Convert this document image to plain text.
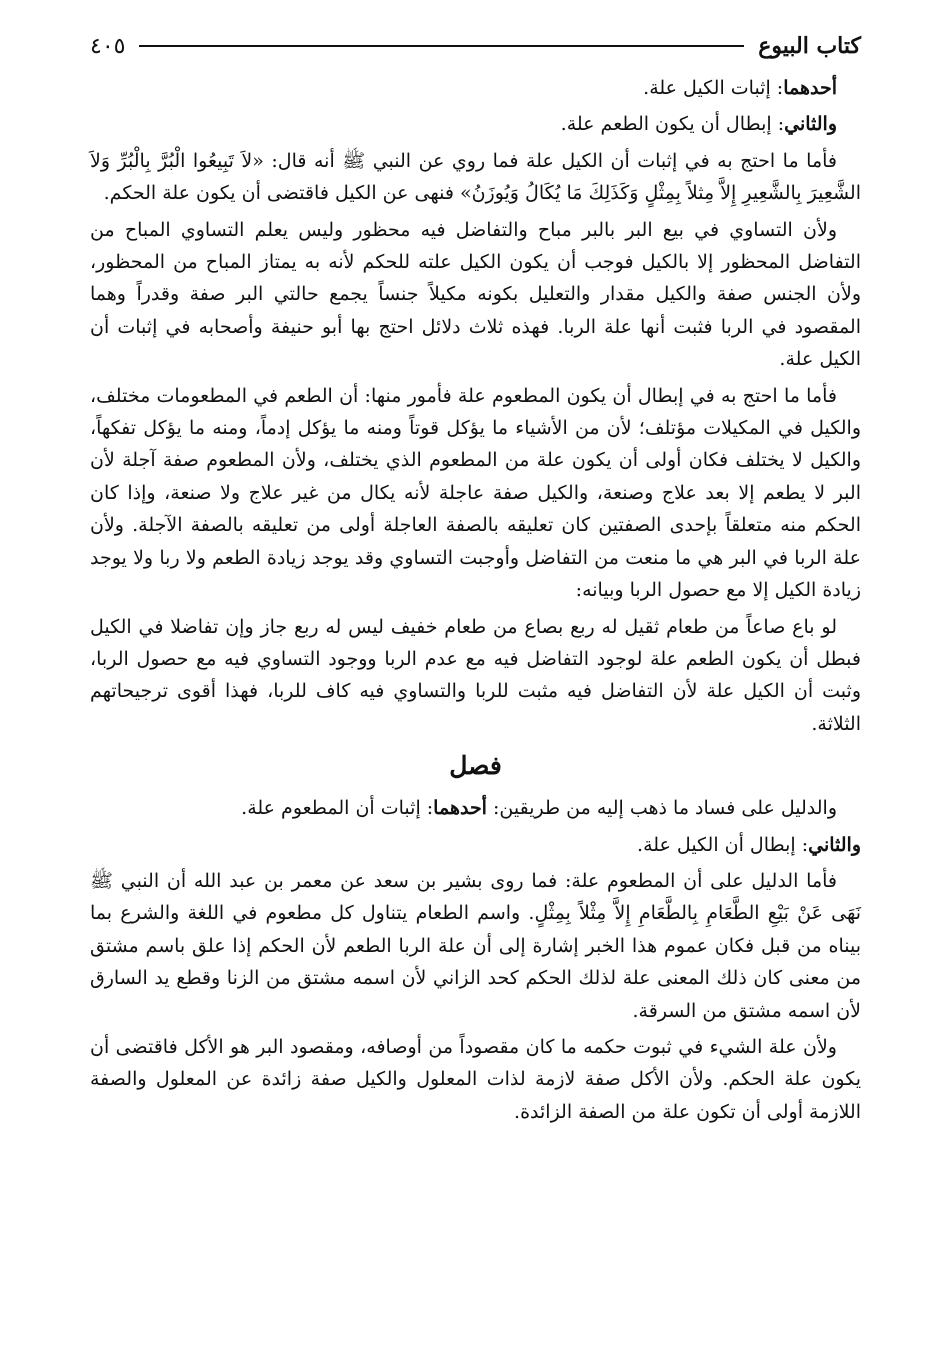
كتاب البيوع
٤٠٥

أحدهما: إثبات الكيل علة.

والثاني: إبطال أن يكون الطعم علة.

فأما ما احتج به في إثبات أن الكيل علة فما روي عن النبي ﷺ أنه قال: «لاَ تَبِيعُوا الْبُرَّ بِالْبُرِّ وَلاَ الشَّعِيرَ بِالشَّعِيرِ إِلاَّ مِثلاً بِمِثْلٍ وَكَذَلِكَ مَا يُكَالُ وَيُوزَنُ» فنهى عن الكيل فاقتضى أن يكون علة الحكم.

ولأن التساوي في بيع البر بالبر مباح والتفاضل فيه محظور وليس يعلم التساوي المباح من التفاضل المحظور إلا بالكيل فوجب أن يكون الكيل علته للحكم لأنه به يمتاز المباح من المحظور، ولأن الجنس صفة والكيل مقدار والتعليل بكونه مكيلاً جنساً يجمع حالتي البر صفة وقدراً وهما المقصود في الربا فثبت أنها علة الربا. فهذه ثلاث دلائل احتج بها أبو حنيفة وأصحابه في إثبات أن الكيل علة.

فأما ما احتج به في إبطال أن يكون المطعوم علة فأمور منها: أن الطعم في المطعومات مختلف، والكيل في المكيلات مؤتلف؛ لأن من الأشياء ما يؤكل قوتاً ومنه ما يؤكل إدماً، ومنه ما يؤكل تفكهاً، والكيل لا يختلف فكان أولى أن يكون علة من المطعوم الذي يختلف، ولأن المطعوم صفة آجلة لأن البر لا يطعم إلا بعد علاج وصنعة، والكيل صفة عاجلة لأنه يكال من غير علاج ولا صنعة، وإذا كان الحكم منه متعلقاً بإحدى الصفتين كان تعليقه بالصفة العاجلة أولى من تعليقه بالصفة الآجلة. ولأن علة الربا في البر هي ما منعت من التفاضل وأوجبت التساوي وقد يوجد زيادة الطعم ولا ربا ولا يوجد زيادة الكيل إلا مع حصول الربا وبيانه:

لو باع صاعاً من طعام ثقيل له ربع بصاع من طعام خفيف ليس له ربع جاز وإن تفاضلا في الكيل فبطل أن يكون الطعم علة لوجود التفاضل فيه مع عدم الربا ووجود التساوي فيه مع حصول الربا، وثبت أن الكيل علة لأن التفاضل فيه مثبت للربا والتساوي فيه كاف للربا، فهذا أقوى ترجيحاتهم الثلاثة.

فصل

والدليل على فساد ما ذهب إليه من طريقين: أحدهما: إثبات أن المطعوم علة.

والثاني: إبطال أن الكيل علة.

فأما الدليل على أن المطعوم علة: فما روى بشير بن سعد عن معمر بن عبد الله أن النبي ﷺ نَهَى عَنْ بَيْعِ الطَّعَامِ بِالطَّعَامِ إِلاَّ مِثْلاً بِمِثْلٍ. واسم الطعام يتناول كل مطعوم في اللغة والشرع بما بيناه من قبل فكان عموم هذا الخبر إشارة إلى أن علة الربا الطعم لأن الحكم إذا علق باسم مشتق من معنى كان ذلك المعنى علة لذلك الحكم كحد الزاني لأن اسمه مشتق من الزنا وقطع يد السارق لأن اسمه مشتق من السرقة.

ولأن علة الشيء في ثبوت حكمه ما كان مقصوداً من أوصافه، ومقصود البر هو الأكل فاقتضى أن يكون علة الحكم. ولأن الأكل صفة لازمة لذات المعلول والكيل صفة زائدة عن المعلول والصفة اللازمة أولى أن تكون علة من الصفة الزائدة.
